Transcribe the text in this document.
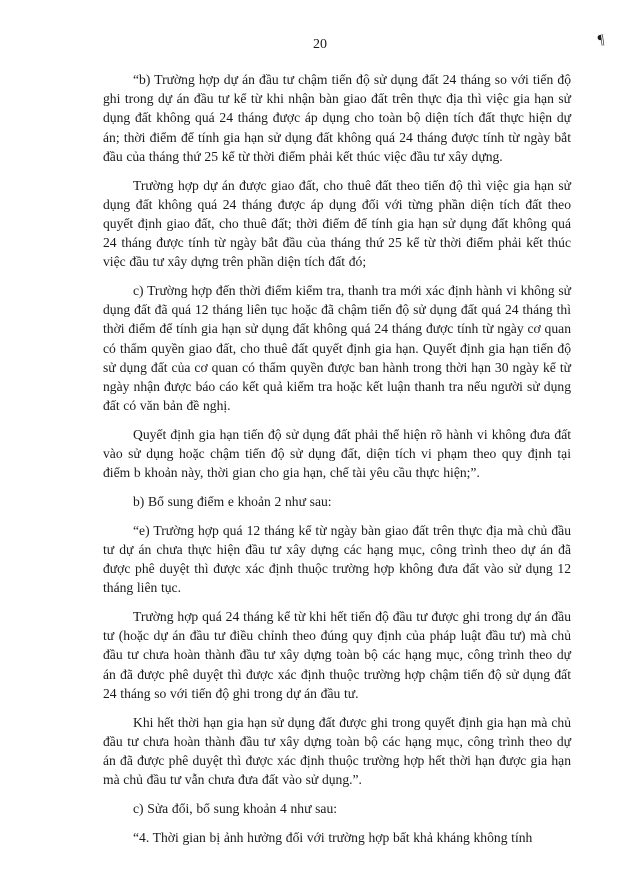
20	¶

“b) Trường hợp dự án đầu tư chậm tiến độ sử dụng đất 24 tháng so với tiến độ ghi trong dự án đầu tư kể từ khi nhận bàn giao đất trên thực địa thì việc gia hạn sử dụng đất không quá 24 tháng được áp dụng cho toàn bộ diện tích đất thực hiện dự án; thời điểm để tính gia hạn sử dụng đất không quá 24 tháng được tính từ ngày bắt đầu của tháng thứ 25 kể từ thời điểm phải kết thúc việc đầu tư xây dựng.

Trường hợp dự án được giao đất, cho thuê đất theo tiến độ thì việc gia hạn sử dụng đất không quá 24 tháng được áp dụng đối với từng phần diện tích đất theo quyết định giao đất, cho thuê đất; thời điểm để tính gia hạn sử dụng đất không quá 24 tháng được tính từ ngày bắt đầu của tháng thứ 25 kể từ thời điểm phải kết thúc việc đầu tư xây dựng trên phần diện tích đất đó;

c) Trường hợp đến thời điểm kiểm tra, thanh tra mới xác định hành vi không sử dụng đất đã quá 12 tháng liên tục hoặc đã chậm tiến độ sử dụng đất quá 24 tháng thì thời điểm để tính gia hạn sử dụng đất không quá 24 tháng được tính từ ngày cơ quan có thẩm quyền giao đất, cho thuê đất quyết định gia hạn. Quyết định gia hạn tiến độ sử dụng đất của cơ quan có thẩm quyền được ban hành trong thời hạn 30 ngày kể từ ngày nhận được báo cáo kết quả kiểm tra hoặc kết luận thanh tra nếu người sử dụng đất có văn bản đề nghị.

Quyết định gia hạn tiến độ sử dụng đất phải thể hiện rõ hành vi không đưa đất vào sử dụng hoặc chậm tiến độ sử dụng đất, diện tích vi phạm theo quy định tại điểm b khoản này, thời gian cho gia hạn, chế tài yêu cầu thực hiện;”.

b) Bổ sung điểm e khoản 2 như sau:

“e) Trường hợp quá 12 tháng kể từ ngày bàn giao đất trên thực địa mà chủ đầu tư dự án chưa thực hiện đầu tư xây dựng các hạng mục, công trình theo dự án đã được phê duyệt thì được xác định thuộc trường hợp không đưa đất vào sử dụng 12 tháng liên tục.

Trường hợp quá 24 tháng kể từ khi hết tiến độ đầu tư được ghi trong dự án đầu tư (hoặc dự án đầu tư điều chỉnh theo đúng quy định của pháp luật đầu tư) mà chủ đầu tư chưa hoàn thành đầu tư xây dựng toàn bộ các hạng mục, công trình theo dự án đã được phê duyệt thì được xác định thuộc trường hợp chậm tiến độ sử dụng đất 24 tháng so với tiến độ ghi trong dự án đầu tư.

Khi hết thời hạn gia hạn sử dụng đất được ghi trong quyết định gia hạn mà chủ đầu tư chưa hoàn thành đầu tư xây dựng toàn bộ các hạng mục, công trình theo dự án đã được phê duyệt thì được xác định thuộc trường hợp hết thời hạn được gia hạn mà chủ đầu tư vẫn chưa đưa đất vào sử dụng.”.

c) Sửa đổi, bổ sung khoản 4 như sau:

“4. Thời gian bị ảnh hưởng đối với trường hợp bất khả kháng không tính
